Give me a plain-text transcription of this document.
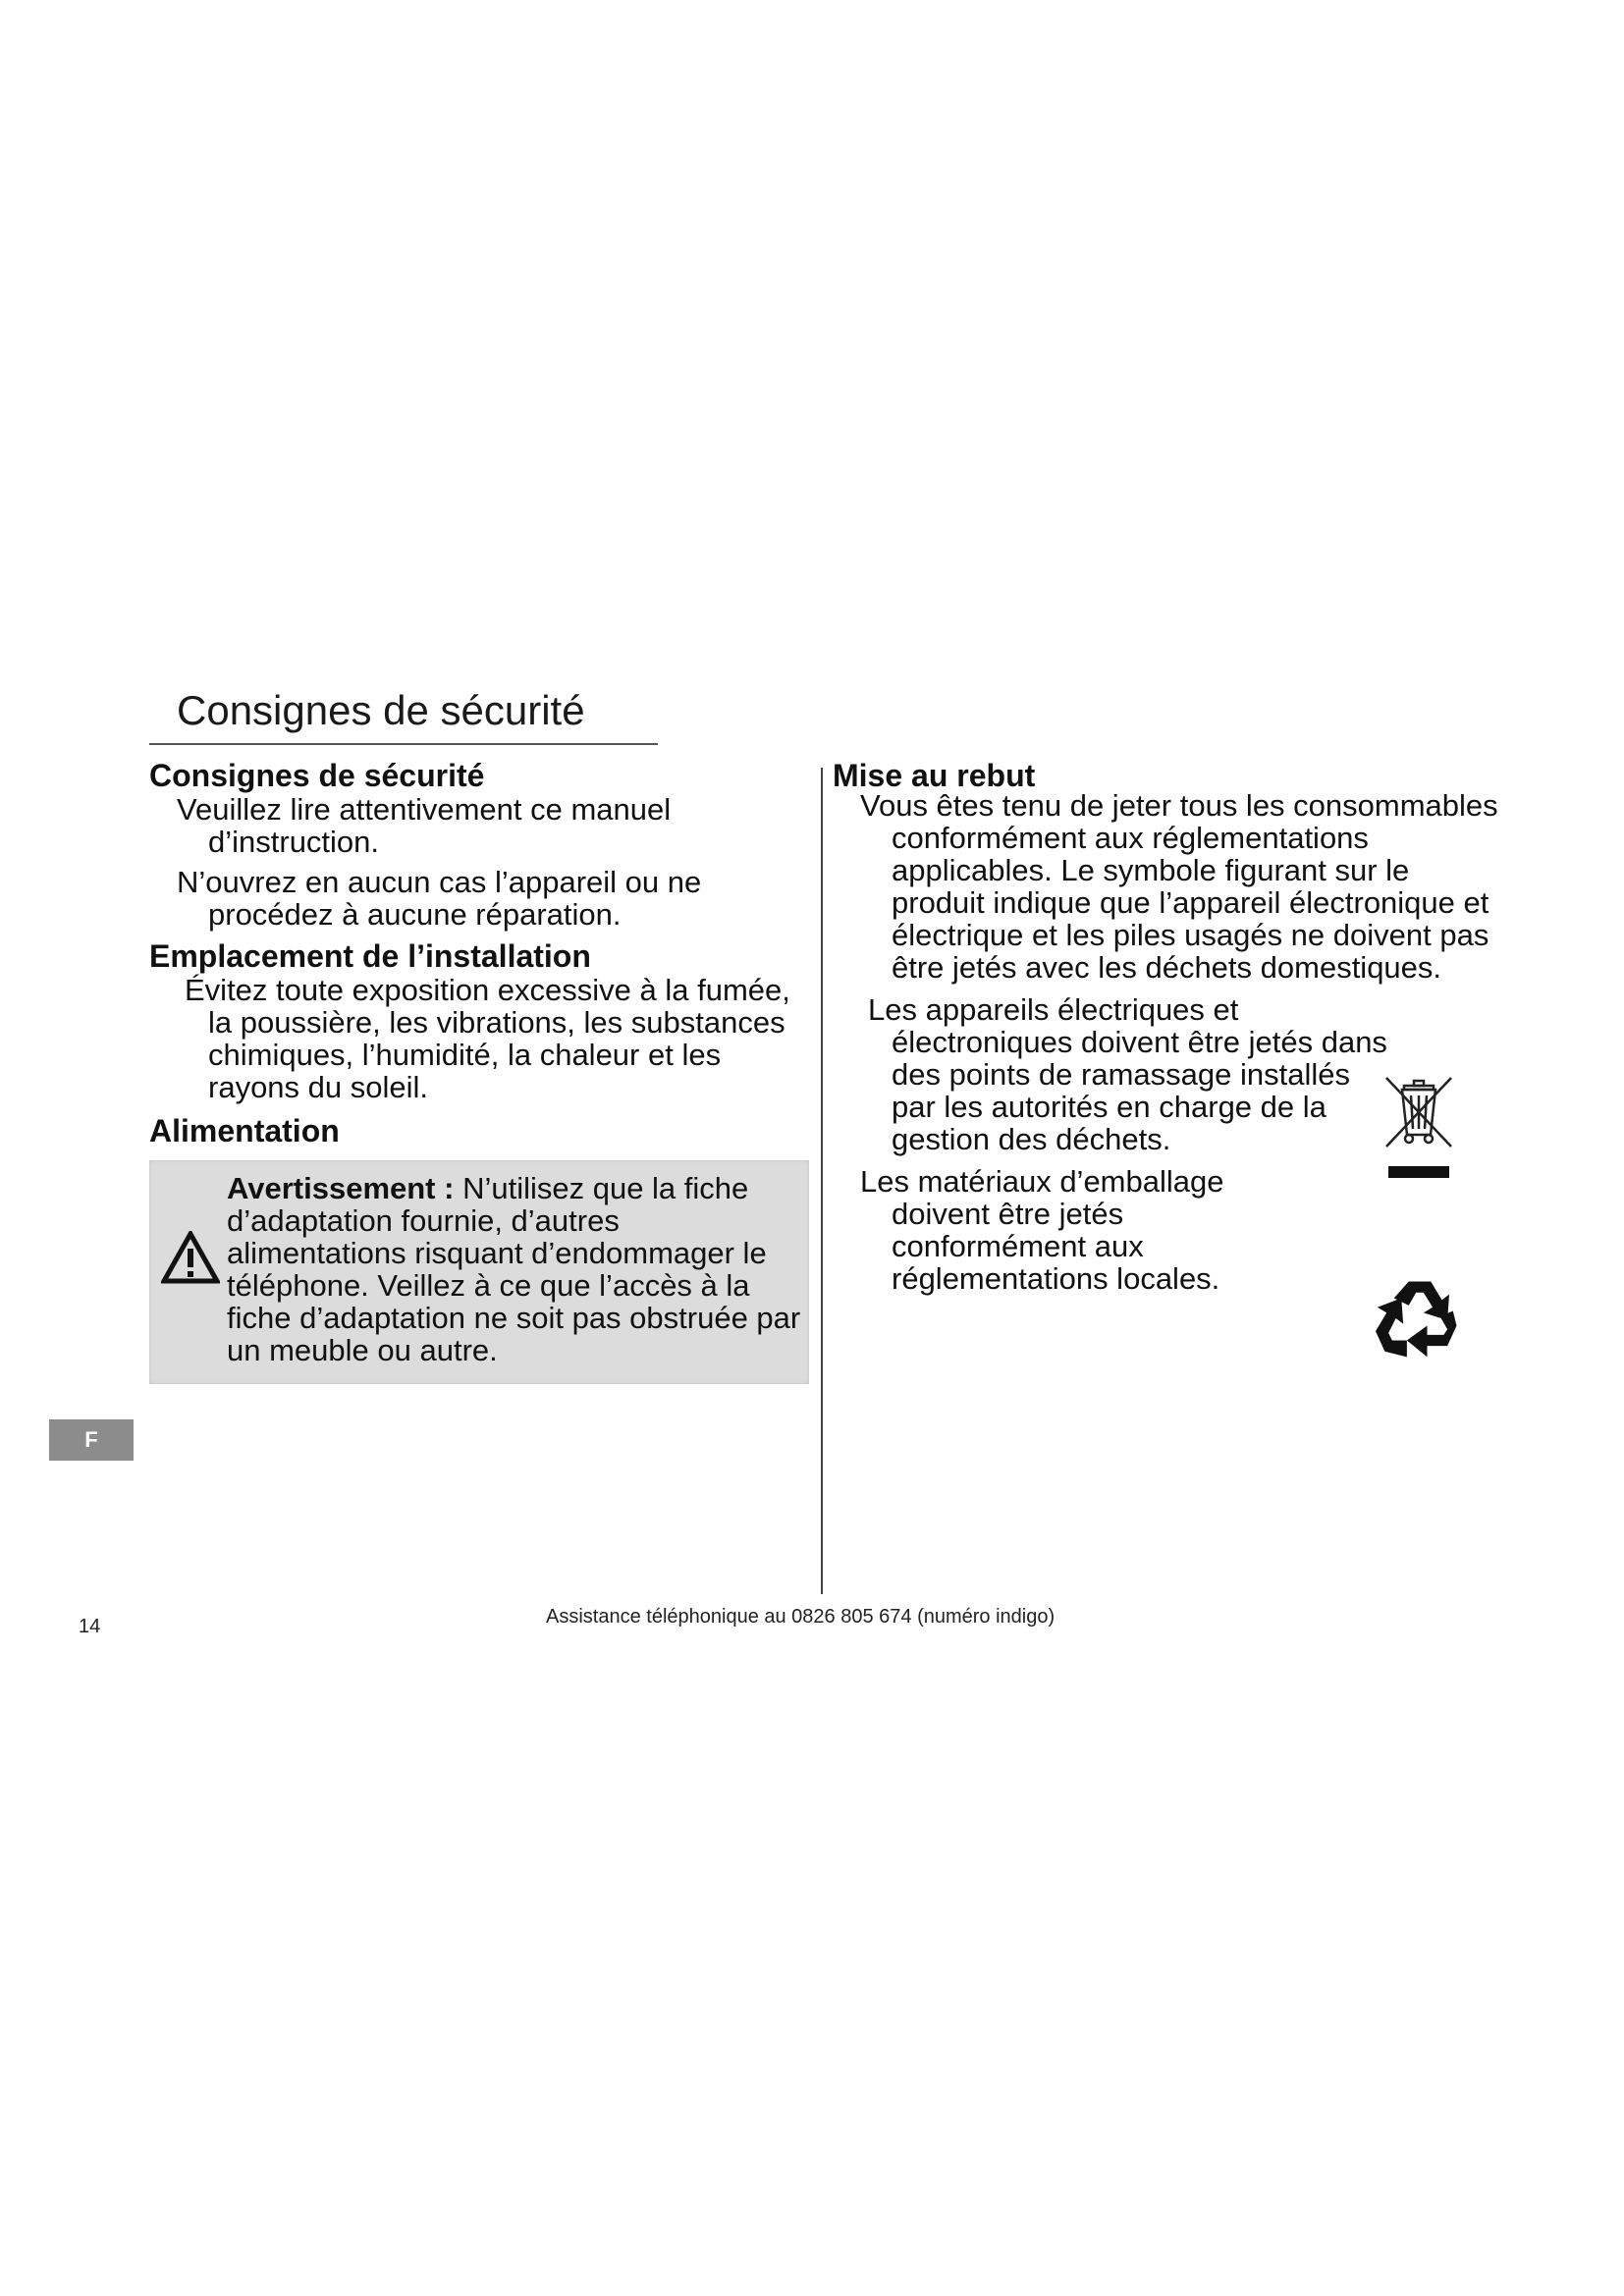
Consignes de sécurité
Consignes de sécurité

Veuillez lire attentivement ce manuel d’instruction.

N’ouvrez en aucun cas l’appareil ou ne procédez à aucune réparation.

Emplacement de l’installation

Évitez toute exposition excessive à la fumée, la poussière, les vibrations, les substances chimiques, l’humidité, la chaleur et les rayons du soleil.

Alimentation
Avertissement : N’utilisez que la fiche d’adaptation fournie, d’autres alimentations risquant d’endommager le téléphone. Veillez à ce que l’accès à la fiche d’adaptation ne soit pas obstruée par un meuble ou autre.
Mise au rebut

Vous êtes tenu de jeter tous les consommables conformément aux réglementations applicables. Le symbole figurant sur le produit indique que l’appareil électronique et électrique et les piles usagés ne doivent pas être jetés avec les déchets domestiques.

Les appareils électriques et électroniques doivent être jetés dans des points de ramassage installés par les autorités en charge de la gestion des déchets.

Les matériaux d’emballage doivent être jetés conformément aux réglementations locales.

F
14	Assistance téléphonique au 0826 805 674 (numéro indigo)
